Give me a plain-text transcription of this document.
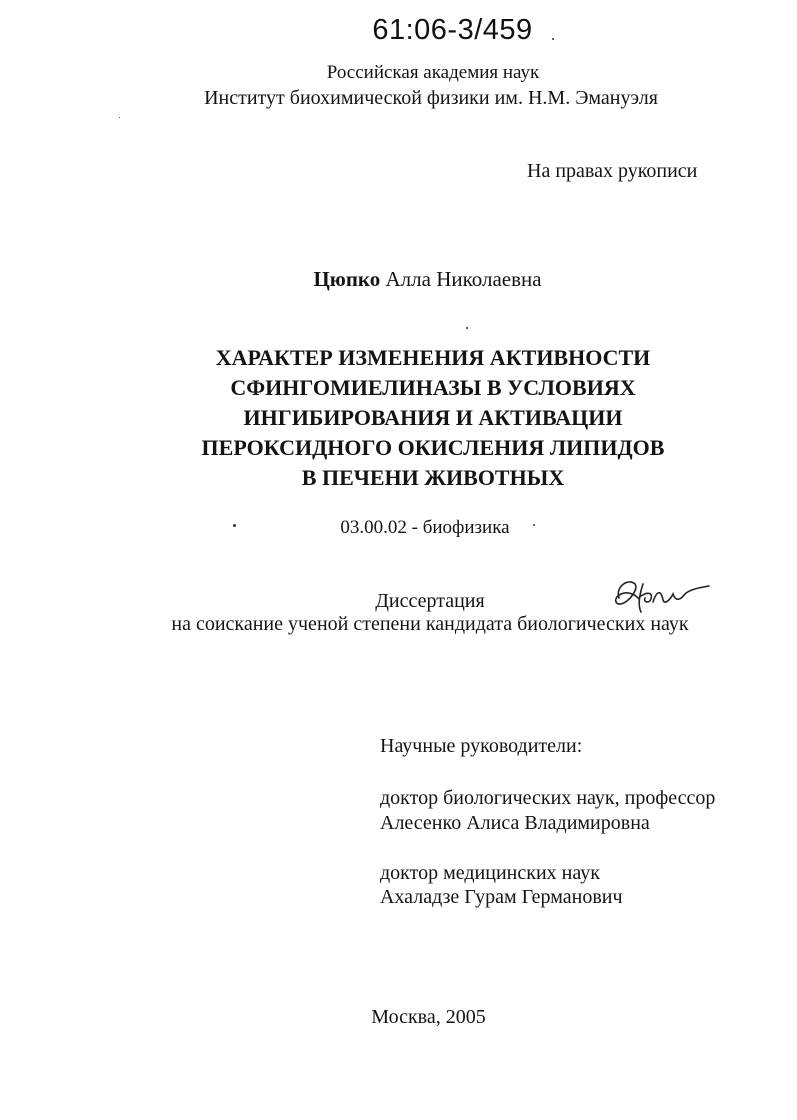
61:06-3/459
Российская академия наук
Институт биохимической физики им. Н.М. Эмануэля
На правах рукописи
Цюпко Алла Николаевна
ХАРАКТЕР ИЗМЕНЕНИЯ АКТИВНОСТИ
СФИНГОМИЕЛИНАЗЫ В УСЛОВИЯХ
ИНГИБИРОВАНИЯ И АКТИВАЦИИ
ПЕРОКСИДНОГО ОКИСЛЕНИЯ ЛИПИДОВ
В ПЕЧЕНИ ЖИВОТНЫХ
03.00.02 - биофизика
Диссертация
на соискание ученой степени кандидата биологических наук
Научные руководители:
доктор биологических наук, профессор
Алесенко Алиса Владимировна
доктор медицинских наук
Ахаладзе Гурам Германович
Москва, 2005
